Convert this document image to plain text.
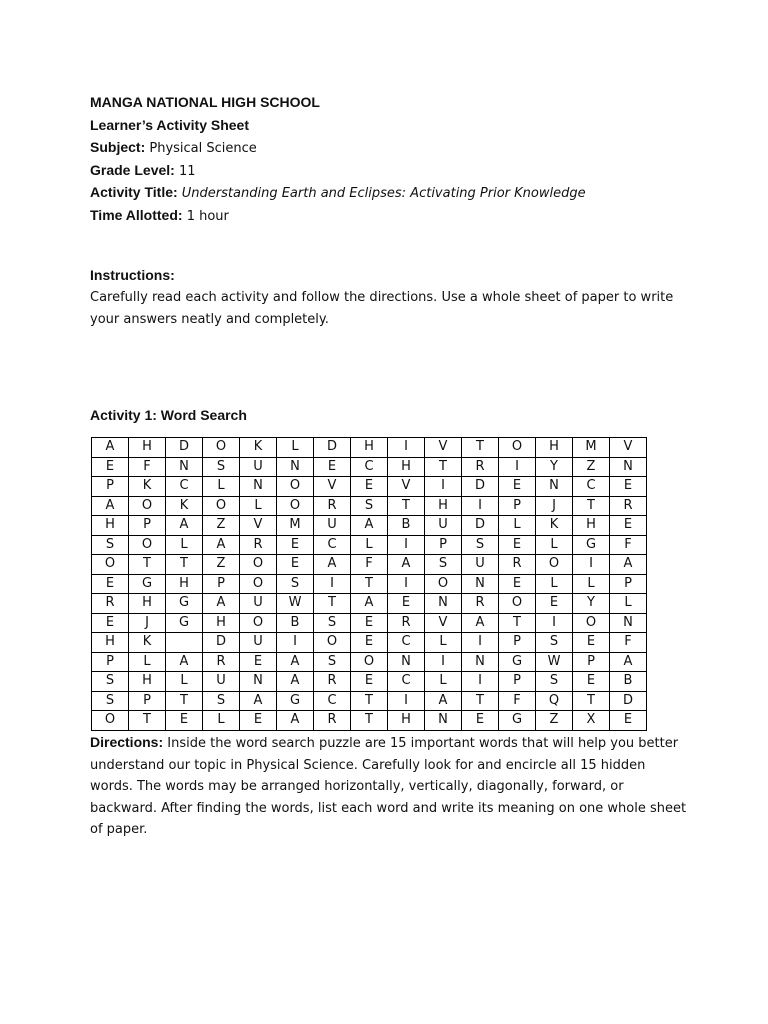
MANGA NATIONAL HIGH SCHOOL
Learner’s Activity Sheet
Subject: Physical Science
Grade Level: 11
Activity Title: Understanding Earth and Eclipses: Activating Prior Knowledge
Time Allotted: 1 hour
Instructions:
Carefully read each activity and follow the directions. Use a whole sheet of paper to write your answers neatly and completely.
Activity 1: Word Search
A	H	D	O	K	L	D	H	I	V	T	O	H	M	V
E	F	N	S	U	N	E	C	H	T	R	I	Y	Z	N
P	K	C	L	N	O	V	E	V	I	D	E	N	C	E
A	O	K	O	L	O	R	S	T	H	I	P	J	T	R
H	P	A	Z	V	M	U	A	B	U	D	L	K	H	E
S	O	L	A	R	E	C	L	I	P	S	E	L	G	F
O	T	T	Z	O	E	A	F	A	S	U	R	O	I	A
E	G	H	P	O	S	I	T	I	O	N	E	L	L	P
R	H	G	A	U	W	T	A	E	N	R	O	E	Y	L
E	J	G	H	O	B	S	E	R	V	A	T	I	O	N
H	K		D	U	I	O	E	C	L	I	P	S	E	F
P	L	A	R	E	A	S	O	N	I	N	G	W	P	A
S	H	L	U	N	A	R	E	C	L	I	P	S	E	B
S	P	T	S	A	G	C	T	I	A	T	F	Q	T	D
O	T	E	L	E	A	R	T	H	N	E	G	Z	X	E
Directions: Inside the word search puzzle are 15 important words that will help you better understand our topic in Physical Science. Carefully look for and encircle all 15 hidden words. The words may be arranged horizontally, vertically, diagonally, forward, or backward. After finding the words, list each word and write its meaning on one whole sheet of paper.
